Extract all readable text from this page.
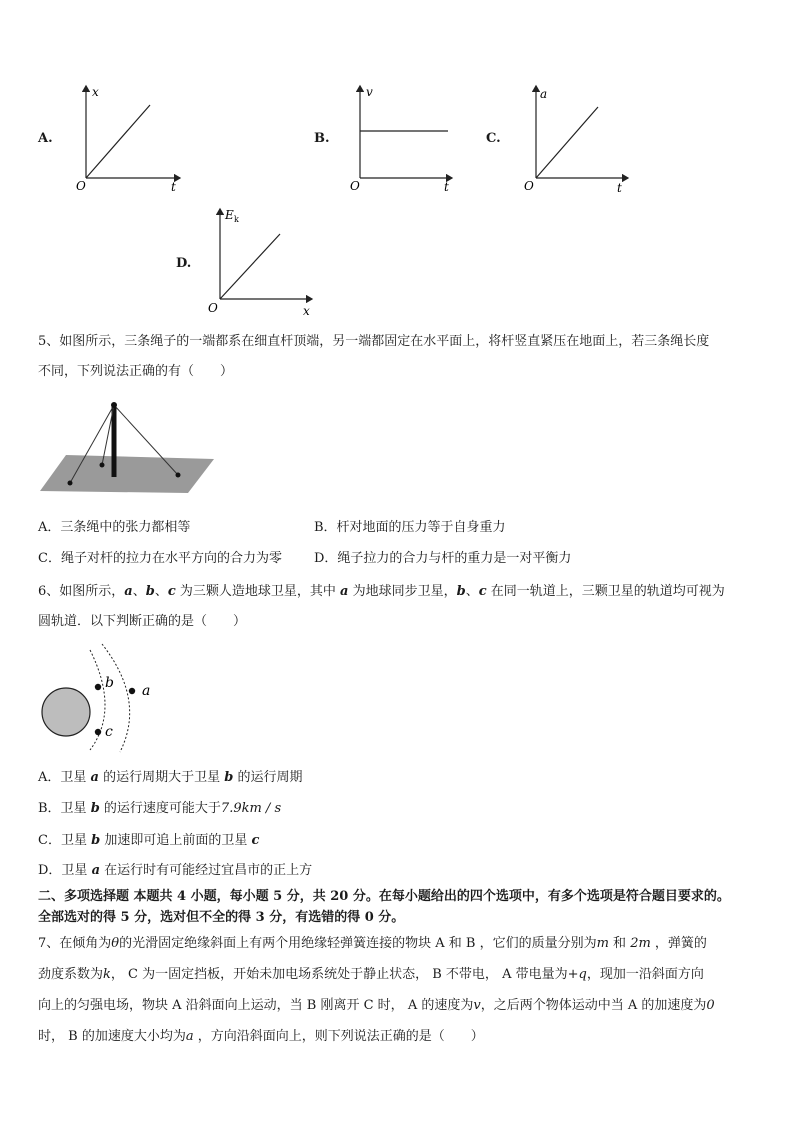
A.
x
O	t
B.
v
O	t
C.
a
O	t
D.
E k
O	x
5、如图所示，三条绳子的一端都系在细直杆顶端，另一端都固定在水平面上，将杆竖直紧压在地面上，若三条绳长度
不同，下列说法正确的有（　　）
A．三条绳中的张力都相等	B．杆对地面的压力等于自身重力
C．绳子对杆的拉力在水平方向的合力为零 D．绳子拉力的合力与杆的重力是一对平衡力
6、如图所示，a、b、c 为三颗人造地球卫星，其中 a 为地球同步卫星，b、c 在同一轨道上，三颗卫星的轨道均可视为
圆轨道．以下判断正确的是（　　）
b
c
a
A．卫星 a 的运行周期大于卫星 b 的运行周期
B．卫星 b 的运行速度可能大于7.9km / s
C．卫星 b 加速即可追上前面的卫星 c
D．卫星 a 在运行时有可能经过宜昌市的正上方
二、多项选择题 本题共 4 小题，每小题 5 分，共 20 分。在每小题给出的四个选项中，有多个选项是符合题目要求的。
全部选对的得 5 分，选对但不全的得 3 分，有选错的得 0 分。
7、在倾角为θ的光滑固定绝缘斜面上有两个用绝缘轻弹簧连接的物块 A 和 B ，它们的质量分别为m 和 2m ，弹簧的
劲度系数为k， C 为一固定挡板，开始未加电场系统处于静止状态， B 不带电， A 带电量为+q，现加一沿斜面方向
向上的匀强电场，物块 A 沿斜面向上运动，当 B 刚离开 C 时， A 的速度为v，之后两个物体运动中当 A 的加速度为0
时， B 的加速度大小均为a ，方向沿斜面向上，则下列说法正确的是（　　）
